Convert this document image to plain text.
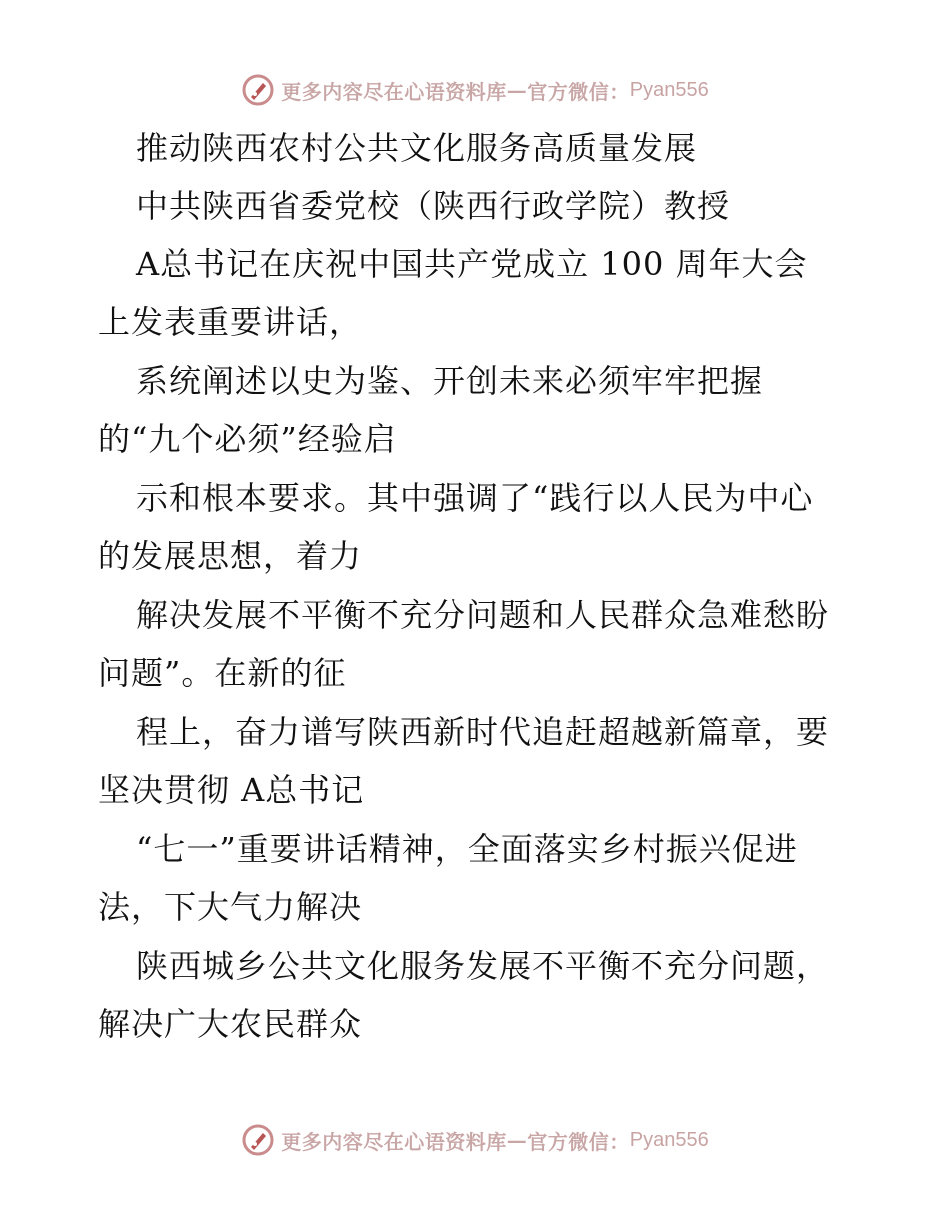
更多内容尽在心语资料库 — 官方微信： Pyan556
推动陕西农村公共文化服务高质量发展
中共陕西省委党校（陕西行政学院）教授
A总书记在庆祝中国共产党成立 100 周年大会
上发表重要讲话，
系统阐述以史为鉴、开创未来必须牢牢把握
的“九个必须”经验启
示和根本要求。其中强调了“践行以人民为中心
的发展思想，着力
解决发展不平衡不充分问题和人民群众急难愁盼
问题”。在新的征
程上，奋力谱写陕西新时代追赶超越新篇章，要
坚决贯彻 A总书记
“七一”重要讲话精神，全面落实乡村振兴促进
法，下大气力解决
陕西城乡公共文化服务发展不平衡不充分问题，
解决广大农民群众
更多内容尽在心语资料库 — 官方微信： Pyan556
